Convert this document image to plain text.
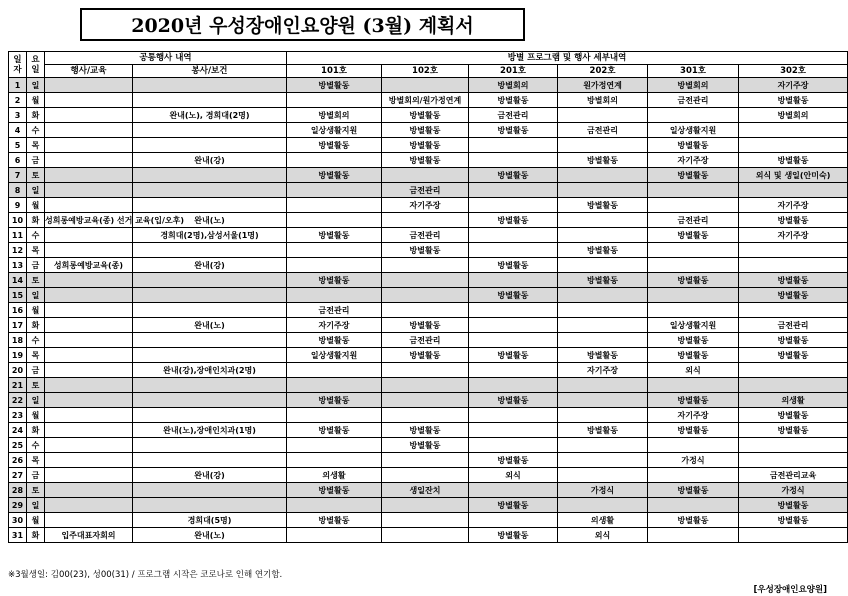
2020년 우성장애인요양원 (3월) 계획서
일
자	요
일	공통행사 내역		방별 프로그램 및 행사 세부내역					
		행사/교육	봉사/보건	101호	102호	201호	202호	301호	302호
1	일			방별활동		방별회의	원가정연계	방별회의	자기주장
2	월				방별회의/원가정연계	방별활동	방별회의	금전관리	방별활동
3	화		완내(노), 경희대(2명)	방별회의	방별활동	금전관리			방별회의
4	수			일상생활지원	방별활동	방별활동	금전관리	일상생활지원	
5	목			방별활동	방별활동			방별활동	
6	금		완내(강)		방별활동		방별활동	자기주장	방별활동
7	토			방별활동		방별활동		방별활동	외식 및 생일(안미숙)
8	일				금전관리				
9	월				자기주장		방별활동		자기주장
10	화	성희롱예방교육(종) 선거 교육(입/오후)	완내(노)			방별활동		금전관리	방별활동
11	수		경희대(2명),삼성서울(1명)	방별활동	금전관리			방별활동	자기주장
12	목				방별활동		방별활동		
13	금	성희롱예방교육(종)	완내(강)			방별활동			
14	토			방별활동			방별활동	방별활동	방별활동
15	일					방별활동			방별활동
16	월			금전관리					
17	화		완내(노)	자기주장	방별활동			일상생활지원	금전관리
18	수			방별활동	금전관리			방별활동	방별활동
19	목			일상생활지원	방별활동	방별활동	방별활동	방별활동	방별활동
20	금		완내(강),장애인치과(2명)				자기주장	외식	
21	토								
22	일			방별활동		방별활동		방별활동	의생활
23	월							자기주장	방별활동
24	화		완내(노),장애인치과(1명)	방별활동	방별활동		방별활동	방별활동	방별활동
25	수				방별활동				
26	목					방별활동		가정식	
27	금		완내(강)	의생활		외식			금전관리교육
28	토			방별활동	생일잔치		가정식	방별활동	가정식
29	일					방별활동			방별활동
30	월		경희대(5명)	방별활동			의생활	방별활동	방별활동
31	화	입주대표자회의	완내(노)			방별활동	외식		
※3월생일: 김00(23), 성00(31) / 프로그램 시작은 코로나로 인해 연기함.
[우성장애인요양원]
